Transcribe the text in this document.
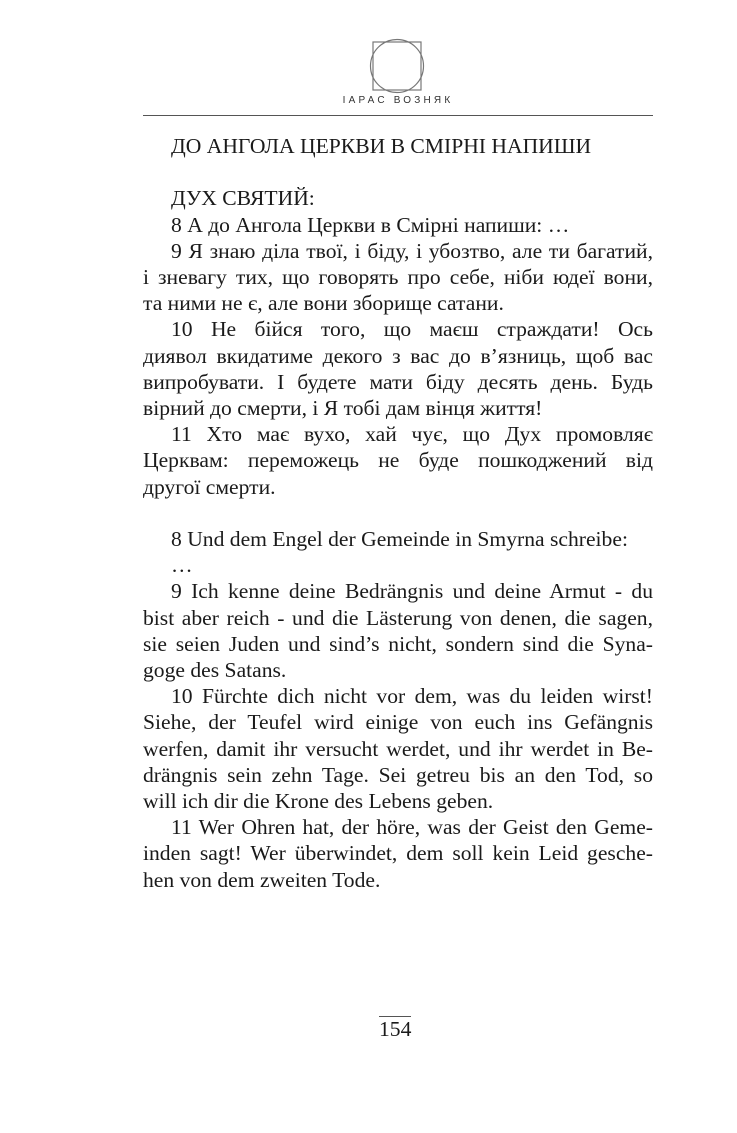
ІАРАС ВОЗНЯК

ДО АНГОЛА ЦЕРКВИ В СМІРНІ НАПИШИ

ДУХ СВЯТИЙ:

8 А до Ангола Церкви в Смірні напиши: …
9 Я знаю діла твої, і біду, і убозтво, але ти багатий,
і зневагу тих, що говорять про себе, ніби юдеї вони,
та ними не є, але вони зборище сатани.
10 Не бійся того, що маєш страждати! Ось
диявол вкидатиме декого з вас до в’язниць, щоб вас
випробувати. І будете мати біду десять день. Будь
вірний до смерти, і Я тобі дам вінця життя!
11 Хто має вухо, хай чує, що Дух промовляє
Церквам: переможець не буде пошкоджений від
другої смерти.
8 Und dem Engel der Gemeinde in Smyrna schreibe: …
9 Ich kenne deine Bedrängnis und deine Armut - du
bist aber reich - und die Lästerung von denen, die sagen,
sie seien Juden und sind’s nicht, sondern sind die Syna-
goge des Satans.
10 Fürchte dich nicht vor dem, was du leiden wirst!
Siehe, der Teufel wird einige von euch ins Gefängnis
werfen, damit ihr versucht werdet, und ihr werdet in Be-
drängnis sein zehn Tage. Sei getreu bis an den Tod, so
will ich dir die Krone des Lebens geben.
11 Wer Ohren hat, der höre, was der Geist den Geme-
inden sagt! Wer überwindet, dem soll kein Leid gesche-
hen von dem zweiten Tode.
154
